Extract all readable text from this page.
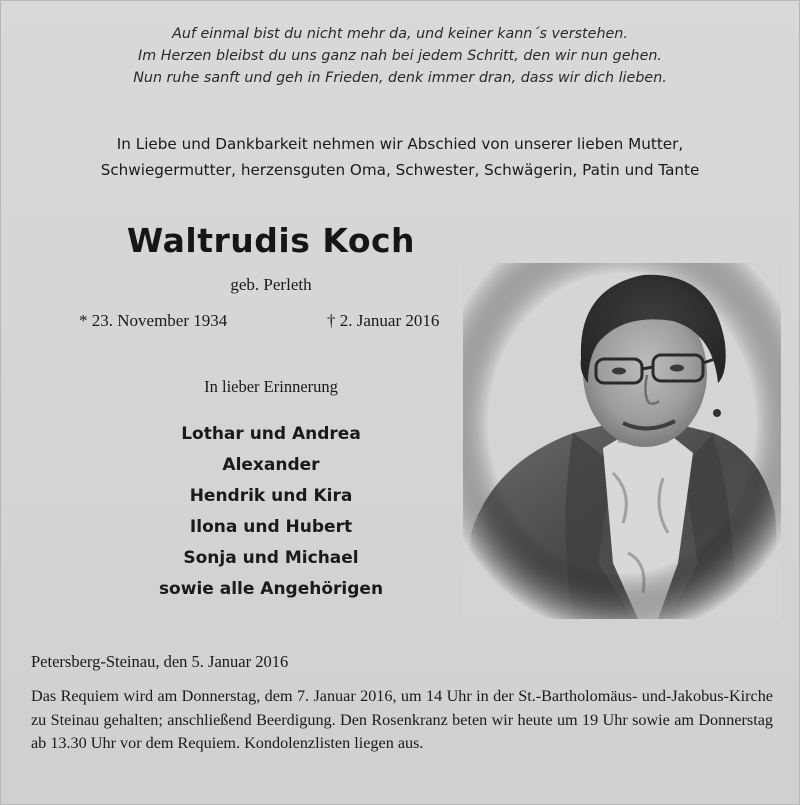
Auf einmal bist du nicht mehr da, und keiner kann´s verstehen.
Im Herzen bleibst du uns ganz nah bei jedem Schritt, den wir nun gehen.
Nun ruhe sanft und geh in Frieden, denk immer dran, dass wir dich lieben.
In Liebe und Dankbarkeit nehmen wir Abschied von unserer lieben Mutter,
Schwiegermutter, herzensguten Oma, Schwester, Schwägerin, Patin und Tante
Waltrudis Koch
geb. Perleth
* 23. November 1934	† 2. Januar 2016
In lieber Erinnerung
Lothar und Andrea
Alexander
Hendrik und Kira
Ilona und Hubert
Sonja und Michael
sowie alle Angehörigen
Petersberg-Steinau, den 5. Januar 2016
Das Requiem wird am Donnerstag, dem 7. Januar 2016, um 14 Uhr in der St.-Bartholomäus- und-Jakobus-Kirche zu Steinau gehalten; anschließend Beerdigung. Den Rosenkranz beten wir heute um 19 Uhr sowie am Donnerstag ab 13.30 Uhr vor dem Requiem. Kondolenzlisten liegen aus.
